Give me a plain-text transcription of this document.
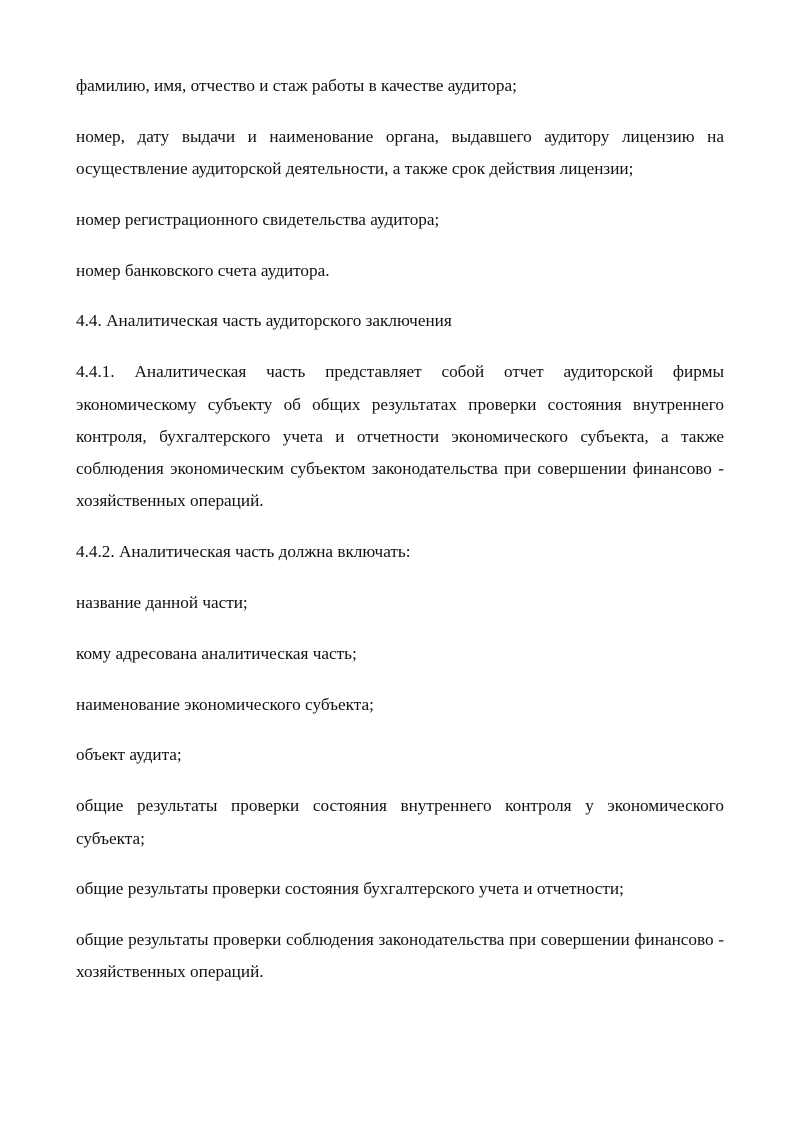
фамилию, имя, отчество и стаж работы в качестве аудитора;

номер, дату выдачи и наименование органа, выдавшего аудитору лицензию на осуществление аудиторской деятельности, а также срок действия лицензии;

номер регистрационного свидетельства аудитора;

номер банковского счета аудитора.

4.4. Аналитическая часть аудиторского заключения

4.4.1. Аналитическая часть представляет собой отчет аудиторской фирмы экономическому субъекту об общих результатах проверки состояния внутреннего контроля, бухгалтерского учета и отчетности экономического субъекта, а также соблюдения экономическим субъектом законодательства при совершении финансово - хозяйственных операций.

4.4.2. Аналитическая часть должна включать:

название данной части;

кому адресована аналитическая часть;

наименование экономического субъекта;

объект аудита;

общие результаты проверки состояния внутреннего контроля у экономического субъекта;

общие результаты проверки состояния бухгалтерского учета и отчетности;

общие результаты проверки соблюдения законодательства при совершении финансово - хозяйственных операций.
